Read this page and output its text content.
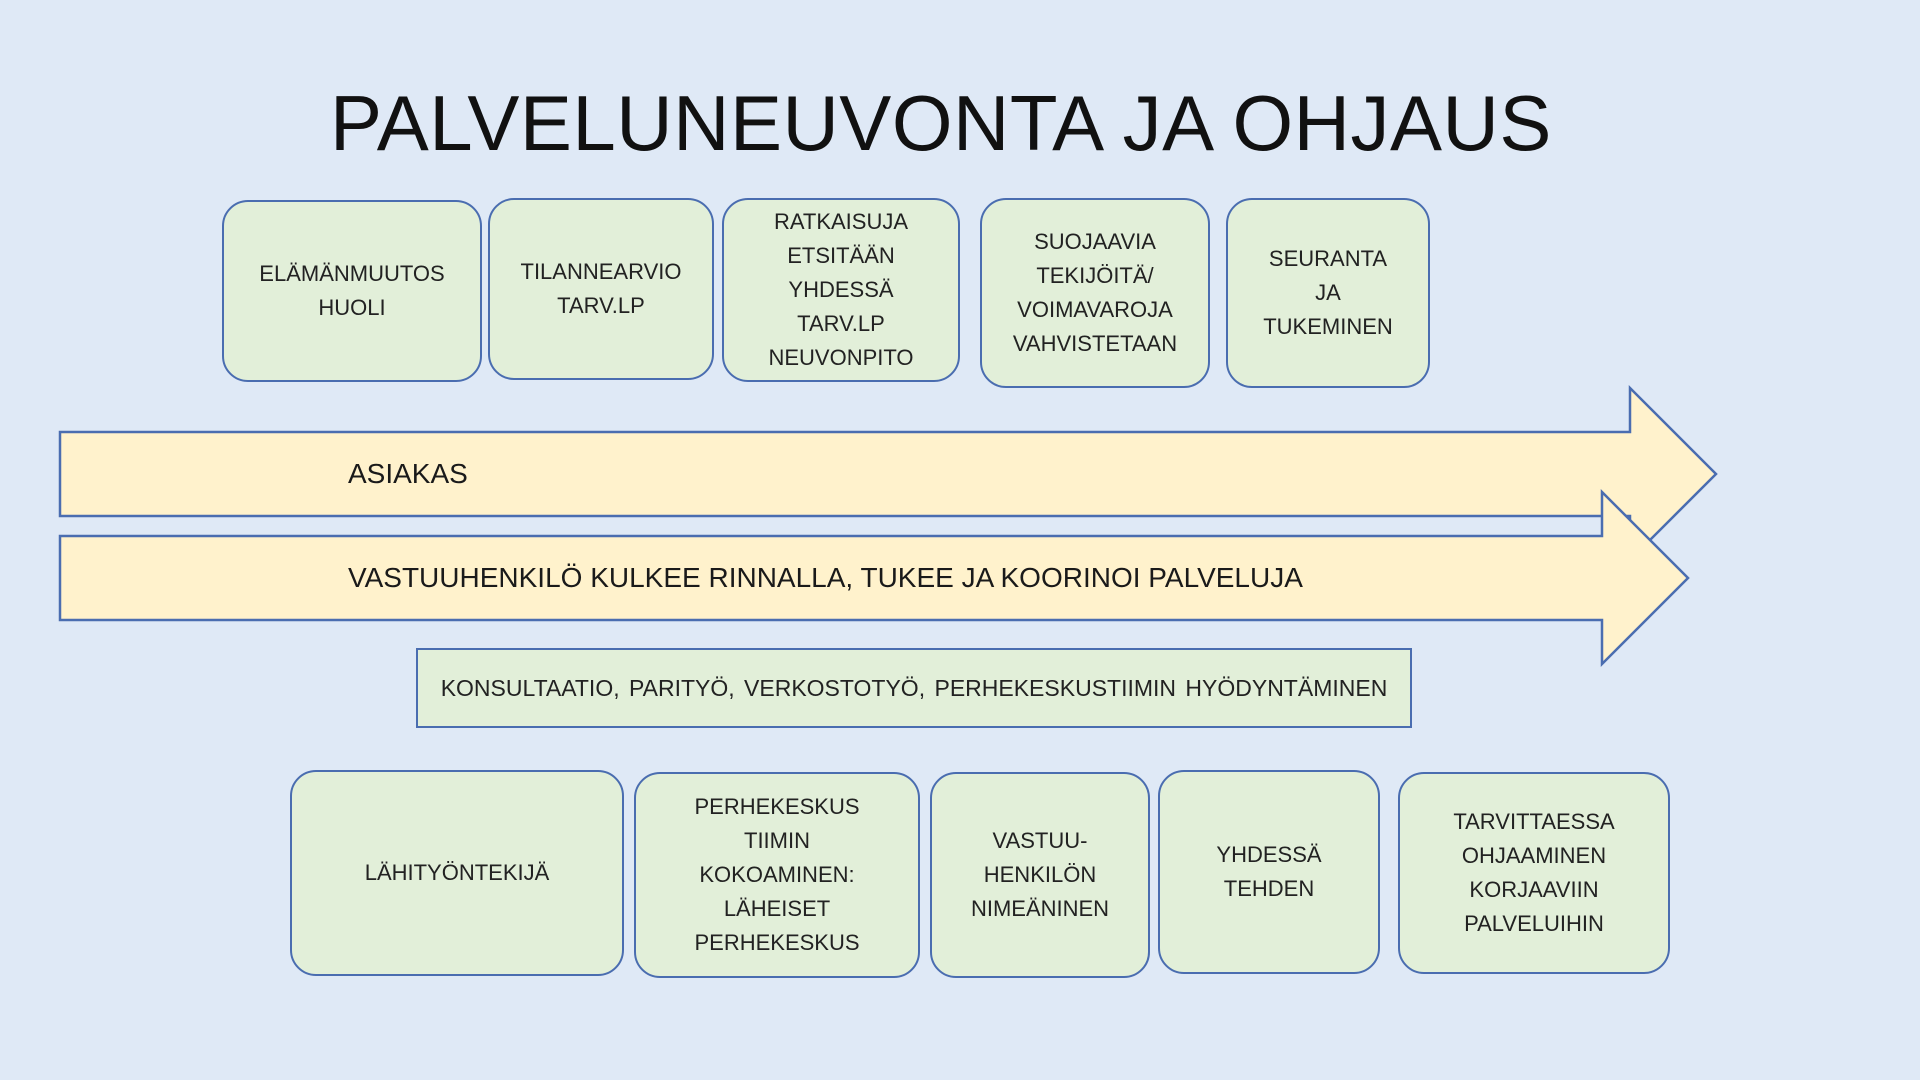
PALVELUNEUVONTA JA OHJAUS
ELÄMÄNMUUTOS
HUOLI
TILANNEARVIO
TARV.LP
RATKAISUJA
ETSITÄÄN
YHDESSÄ
TARV.LP
NEUVONPITO
SUOJAAVIA
TEKIJÖITÄ/
VOIMAVAROJA
VAHVISTETAAN
SEURANTA
JA
TUKEMINEN
ASIAKAS
VASTUUHENKILÖ KULKEE RINNALLA, TUKEE JA KOORINOI PALVELUJA
KONSULTAATIO, PARITYÖ, VERKOSTOTYÖ, PERHEKESKUSTIIMIN HYÖDYNTÄMINEN
LÄHITYÖNTEKIJÄ
PERHEKESKUS
TIIMIN
KOKOAMINEN:
LÄHEISET
PERHEKESKUS
VASTUU-
HENKILÖN
NIMEÄNINEN
YHDESSÄ
TEHDEN
TARVITTAESSA
OHJAAMINEN
KORJAAVIIN
PALVELUIHIN
